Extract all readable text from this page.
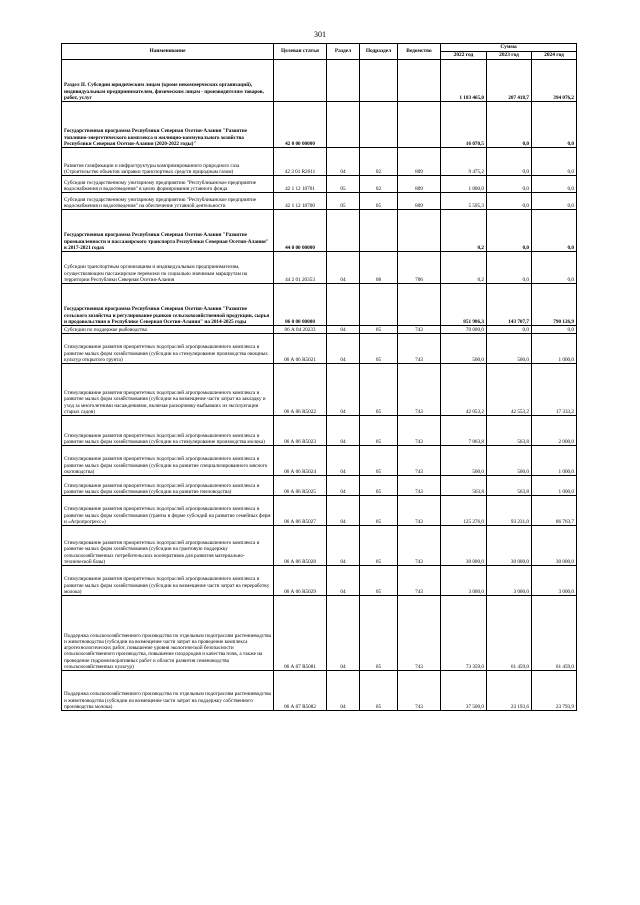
301
Наименование	Целевая статья	Раздел	Подраздел	Ведомство	Сумма		
					2022 год	2023 год	2024 год
Раздел II. Субсидии юридическим лицам (кроме некоммерческих организаций), индивидуальным предпринимателям, физическим лицам - производителям товаров, работ, услуг					1 183 465,0	207 418,7	394 076,2
Государственная программа Республики Северная Осетия-Алания "Развитие топливно-энергетического комплекса и жилищно-коммунального хозяйства Республики Северная Осетия-Алания (2020-2022 годы)"	42 0 00 00000				16 070,5	0,0	0,0
Развитие газификации и инфраструктуры компримированного природного газа (Строительство объектов заправки транспортных средств природным газом)	42 3 01 R2611	04	02	809	9 475,2	0,0	0,0
Субсидия государственному унитарному предприятию "Республиканское предприятие водоснабжения и водоотведения" в целях формирования уставного фонда	42 1 12 10701	05	02	809	1 000,0	0,0	0,0
Субсидия государственному унитарному предприятию "Республиканское предприятие водоснабжения и водоотведения" на обеспечение уставной деятельности	42 1 12 10700	05	05	809	5 595,3	0,0	0,0
Государственная программа Республики Северная Осетия-Алания "Развитие промышленности и пассажирского транспорта Республики Северная Осетия-Алания" в 2017-2021 годах	44 0 00 00000				0,2	0,0	0,0
Субсидии транспортным организациям и индивидуальным предпринимателям, осуществляющим пассажирские перевозки по социально значимым маршрутам на территории Республики Северная Осетия-Алания	44 2 01 20353	04	08	706	0,2	0,0	0,0
Государственная программа Республики Северная Осетия-Алания "Развитие сельского хозяйства и регулирование рынков сельскохозяйственной продукции, сырья и продовольствия в Республике Северная Осетия-Алания" на 2014-2025 годы	06 0 00 00000				851 986,3	143 707,7	790 126,9
Субсидии по поддержке рыбоводства	06 А 04 20233	04	05	743	70 000,0	0,0	0,0
Стимулирование развития приоритетных подотраслей агропромышленного комплекса и развитие малых форм хозяйствования (субсидии на стимулирование производства овощных культур открытого грунта)	06 А 06 R5021	04	05	743	500,0	500,0	1 000,0
Стимулирование развития приоритетных подотраслей агропромышленного комплекса и развитие малых форм хозяйствования (субсидии на возмещение части затрат на закладку и уход за многолетними насаждениями, включая раскорчевку выбывших из эксплуатации старых садов)	06 А 06 R5022	04	05	743	42 053,2	42 553,2	17 333,2
Стимулирование развития приоритетных подотраслей агропромышленного комплекса и развитие малых форм хозяйствования (субсидии на стимулирование производства молока)	06 А 06 R5023	04	05	743	7 063,8	563,8	2 000,0
Стимулирование развития приоритетных подотраслей агропромышленного комплекса и развитие малых форм хозяйствования (субсидии на развитие специализированного мясного скотоводства)	06 А 06 R5024	04	05	743	500,0	500,0	1 000,0
Стимулирование развития приоритетных подотраслей агропромышленного комплекса и развитие малых форм хозяйствования (субсидии на развитие пчеловодства)	06 А 06 R5025	04	05	743	563,8	563,8	1 000,0
Стимулирование развития приоритетных подотраслей агропромышленного комплекса и развитие малых форм хозяйствования (гранты в форме субсидий на развитие семейных ферм и «Агропрогресс»)	06 А 06 R5027	04	05	743	125 276,0	93 231,0	86 763,7
Стимулирование развития приоритетных подотраслей агропромышленного комплекса и развитие малых форм хозяйствования (субсидии на грантовую поддержку сельскохозяйственных потребительских кооперативов для развития материально-технической базы)	06 А 06 R5028	04	05	743	30 000,0	30 000,0	30 000,0
Стимулирование развития приоритетных подотраслей агропромышленного комплекса и развитие малых форм хозяйствования (субсидии на возмещение части затрат на переработку молока)	06 А 06 R5029	04	05	743	3 000,0	3 000,0	3 000,0
Поддержка сельскохозяйственного производства по отдельным подотраслям растениеводства и животноводства (субсидии на возмещение части затрат на проведение комплекса агротехнологических работ, повышение уровня экологической безопасности сельскохозяйственного производства, повышение плодородия и качества почв, а также на проведение гидромелиоративных работ и области развития семеноводства сельскохозяйственных культур)	06 А 07 R5081	04	05	743	73 359,0	61 459,0	61 459,0
Поддержка сельскохозяйственного производства по отдельным подотраслям растениеводства и животноводства (субсидии на возмещение части затрат на поддержку собственного производства молока)	06 А 07 R5082	04	05	743	37 500,0	23 193,6	23 793,9
